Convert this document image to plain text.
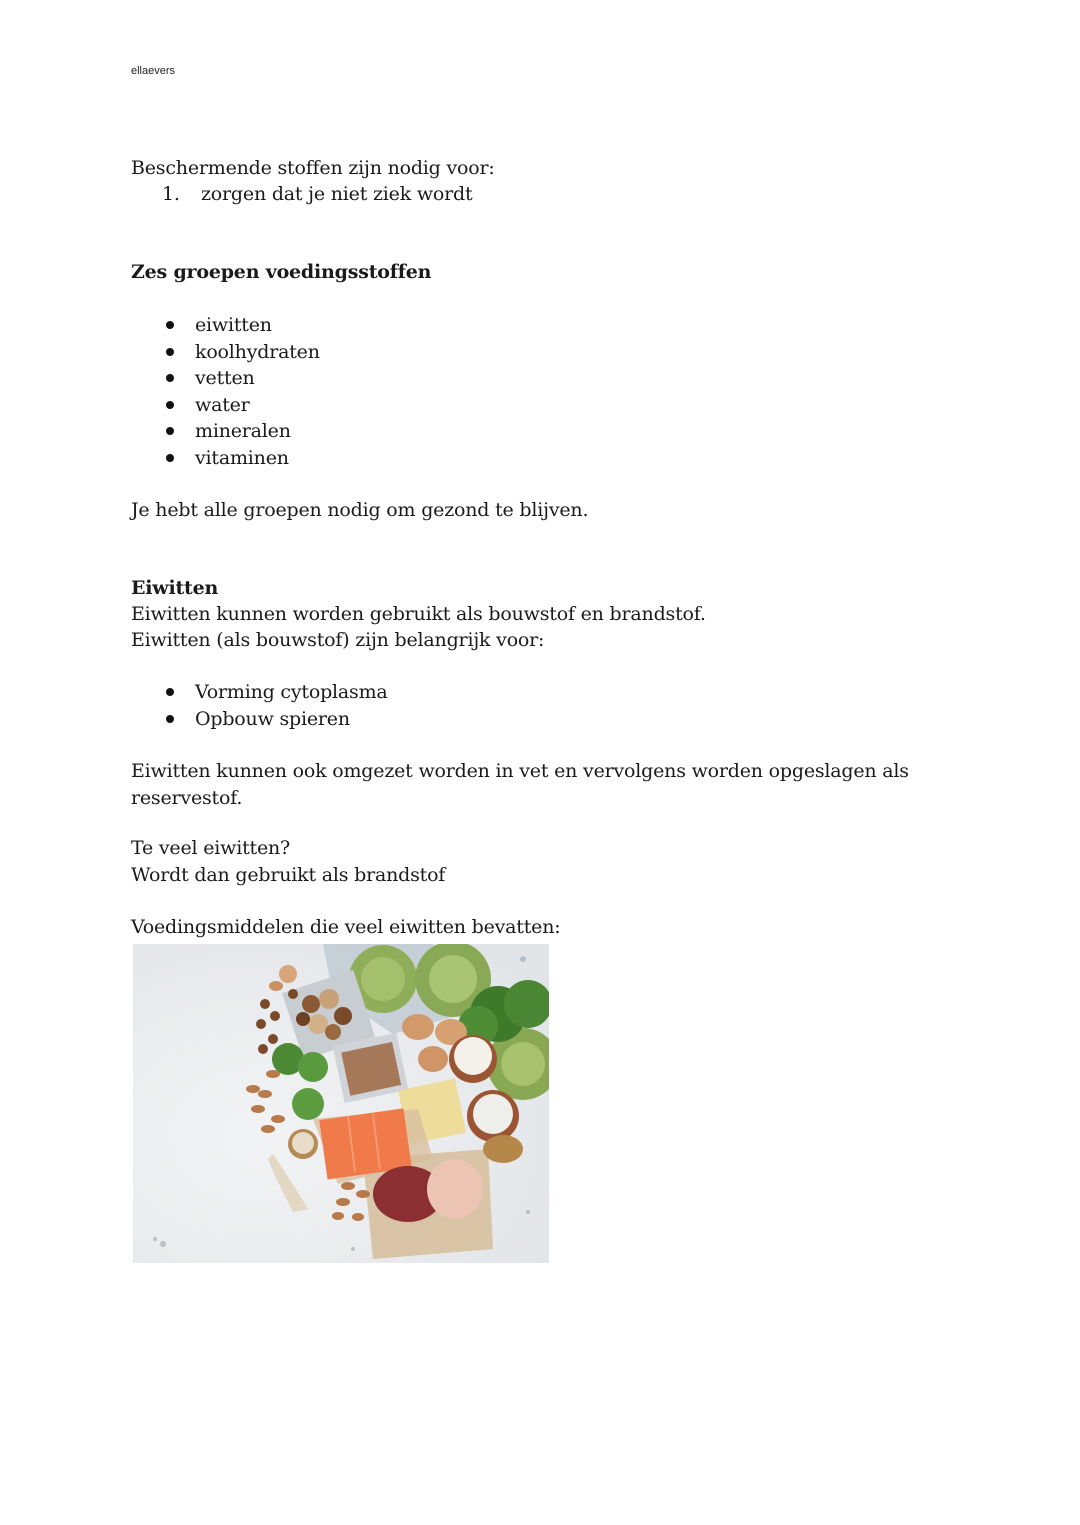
ellaevers
Beschermende stoffen zijn nodig voor:
1. zorgen dat je niet ziek wordt
Zes groepen voedingsstoffen
eiwitten
koolhydraten
vetten
water
mineralen
vitaminen
Je hebt alle groepen nodig om gezond te blijven.
Eiwitten
Eiwitten kunnen worden gebruikt als bouwstof en brandstof.
Eiwitten (als bouwstof) zijn belangrijk voor:
Vorming cytoplasma
Opbouw spieren
Eiwitten kunnen ook omgezet worden in vet en vervolgens worden opgeslagen als
reservestof.
Te veel eiwitten?
Wordt dan gebruikt als brandstof
Voedingsmiddelen die veel eiwitten bevatten:
